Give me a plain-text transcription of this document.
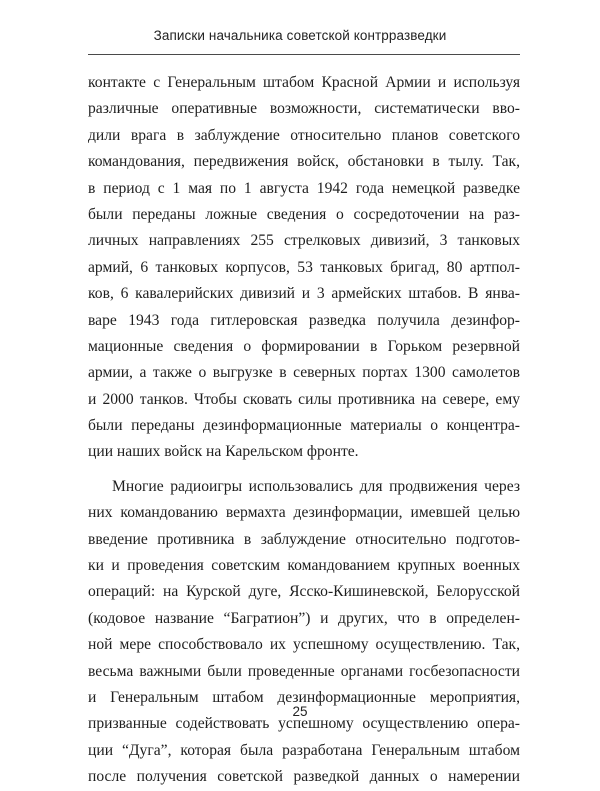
Записки начальника советской контрразведки
контакте с Генеральным штабом Красной Армии и используя
различные оперативные возможности, систематически вво-
дили врага в заблуждение относительно планов советского
командования, передвижения войск, обстановки в тылу. Так,
в период с 1 мая по 1 августа 1942 года немецкой разведке
были переданы ложные сведения о сосредоточении на раз-
личных направлениях 255 стрелковых дивизий, 3 танковых
армий, 6 танковых корпусов, 53 танковых бригад, 80 артпол-
ков, 6 кавалерийских дивизий и 3 армейских штабов. В янва-
варе 1943 года гитлеровская разведка получила дезинфор-
мационные сведения о формировании в Горьком резервной
армии, а также о выгрузке в северных портах 1300 самолетов
и 2000 танков. Чтобы сковать силы противника на севере, ему
были переданы дезинформационные материалы о концентра-
ции наших войск на Карельском фронте.
Многие радиоигры использовались для продвижения через
них командованию вермахта дезинформации, имевшей целью
введение противника в заблуждение относительно подготов-
ки и проведения советским командованием крупных военных
операций: на Курской дуге, Ясско-Кишиневской, Белорусской
(кодовое название “Багратион”) и других, что в определен-
ной мере способствовало их успешному осуществлению. Так,
весьма важными были проведенные органами госбезопасности
и Генеральным штабом дезинформационные мероприятия,
призванные содействовать успешному осуществлению опера-
ции “Дуга”, которая была разработана Генеральным штабом
после получения советской разведкой данных о намерении
25
